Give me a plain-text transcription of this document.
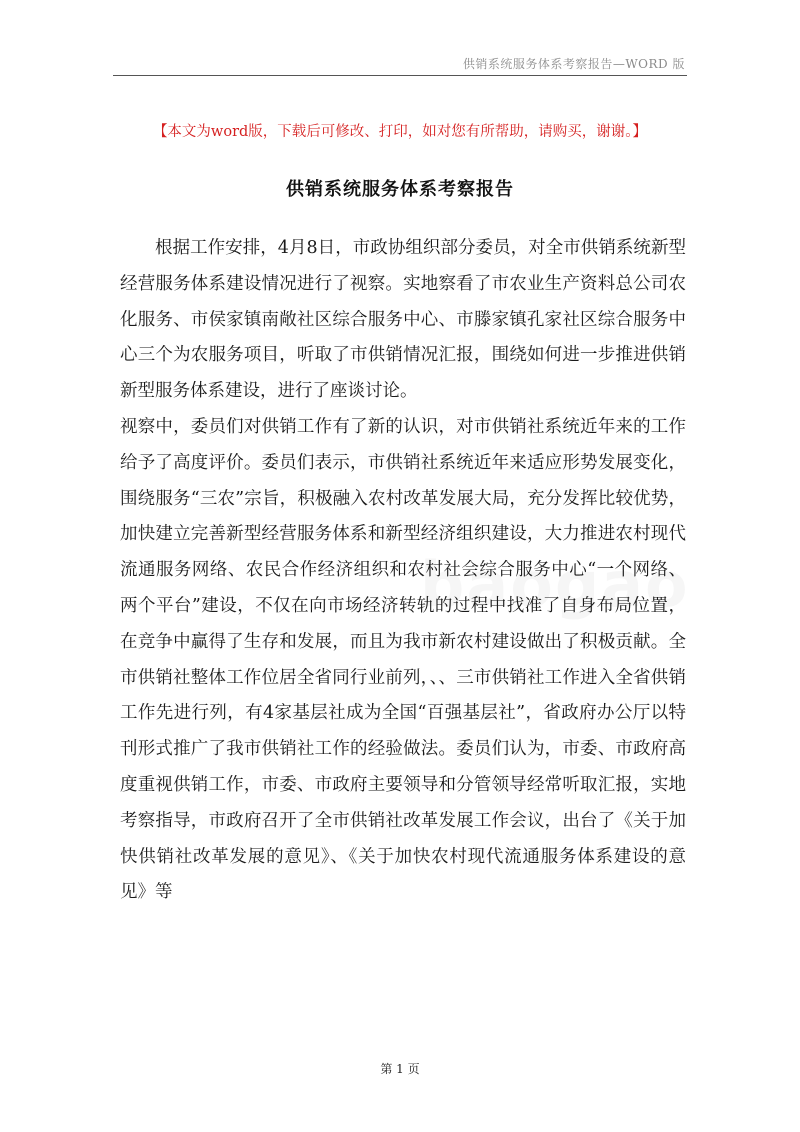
供销系统服务体系考察报告—WORD 版
【本文为word版，下载后可修改、打印，如对您有所帮助，请购买，谢谢。】
供销系统服务体系考察报告

根据工作安排，4月8日，市政协组织部分委员，对全市供销系统新型经营服务体系建设情况进行了视察。实地察看了市农业生产资料总公司农化服务、市侯家镇南敞社区综合服务中心、市滕家镇孔家社区综合服务中心三个为农服务项目，听取了市供销情况汇报，围绕如何进一步推进供销新型服务体系建设，进行了座谈讨论。

视察中，委员们对供销工作有了新的认识，对市供销社系统近年来的工作给予了高度评价。委员们表示，市供销社系统近年来适应形势发展变化，围绕服务“三农”宗旨，积极融入农村改革发展大局，充分发挥比较优势，加快建立完善新型经营服务体系和新型经济组织建设，大力推进农村现代流通服务网络、农民合作经济组织和农村社会综合服务中心“一个网络、两个平台”建设，不仅在向市场经济转轨的过程中找准了自身布局位置，在竞争中赢得了生存和发展，而且为我市新农村建设做出了积极贡献。全市供销社整体工作位居全省同行业前列，、、三市供销社工作进入全省供销工作先进行列，有4家基层社成为全国“百强基层社”，省政府办公厅以特刊形式推广了我市供销社工作的经验做法。委员们认为，市委、市政府高度重视供销工作，市委、市政府主要领导和分管领导经常听取汇报，实地考察指导，市政府召开了全市供销社改革发展工作会议，出台了《关于加快供销社改革发展的意见》、《关于加快农村现代流通服务体系建设的意见》等

第 1 页
